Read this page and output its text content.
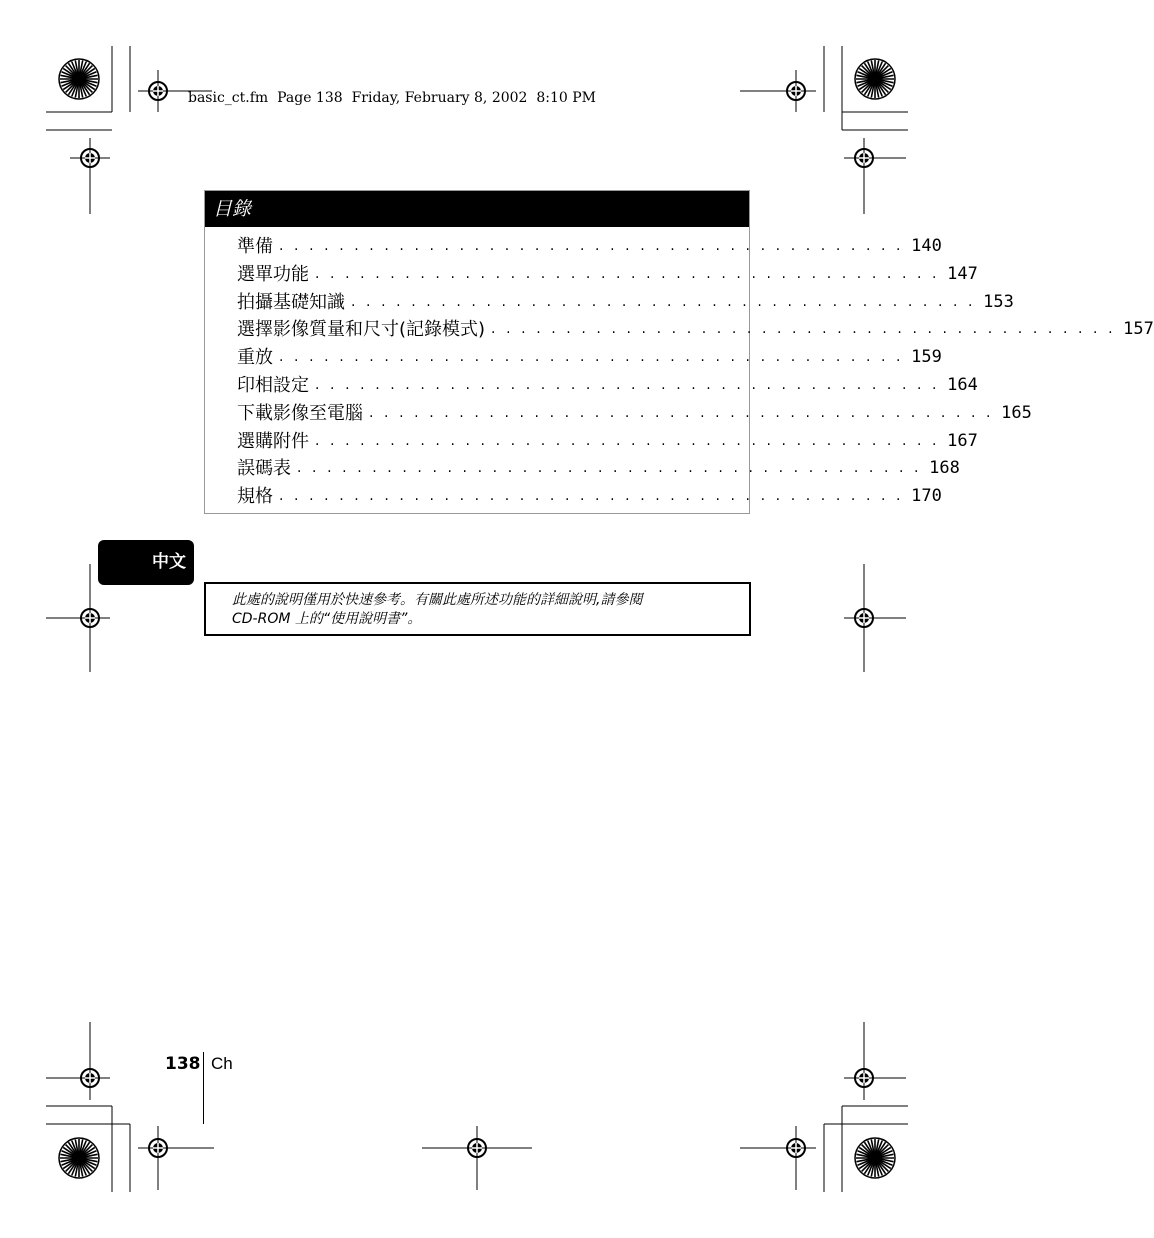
basic_ct.fm Page 138 Friday, February 8, 2002 8:10 PM
目錄
準備 .......................................... 140
選單功能 .......................................... 147
拍攝基礎知識 .......................................... 153
選擇影像質量和尺寸(記錄模式) .......................................... 157
重放 .......................................... 159
印相設定 .......................................... 164
下載影像至電腦 .......................................... 165
選購附件 .......................................... 167
誤碼表 .......................................... 168
規格 .......................................... 170
中文
此處的說明僅用於快速參考。有關此處所述功能的詳細說明,請參閱
CD-ROM 上的“使用說明書”。
138 Ch
